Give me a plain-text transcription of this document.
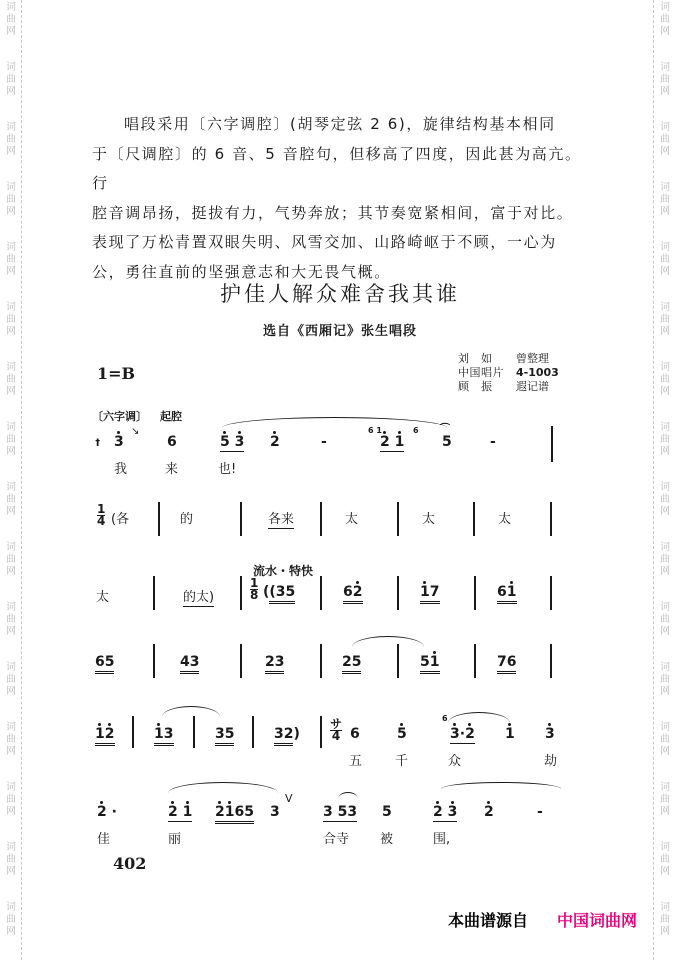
词
曲
网
词
曲
网
词
曲
网
词
曲
网
词
曲
网
词
曲
网
词
曲
网
词
曲
网
词
曲
网
词
曲
网
词
曲
网
词
曲
网
词
曲
网
词
曲
网
词
曲
网
词
曲
网
词
曲
网
词
曲
网
词
曲
网
词
曲
网
词
曲
网
词
曲
网
词
曲
网
词
曲
网
词
曲
网
词
曲
网
词
曲
网
词
曲
网
词
曲
网
词
曲
网
词
曲
网
词
曲
网

唱段采用〔六字调腔〕(胡琴定弦 2 6)，旋律结构基本相同

于〔尺调腔〕的 6 音、5 音腔句，但移高了四度，因此甚为高亢。行

腔音调昂扬，挺拔有力，气势奔放；其节奏宽紧相间，富于对比。

表现了万松青置双眼失明、风雪交加、山路崎岖于不顾，一心为

公，勇往直前的坚强意志和大无畏气概。

护佳人解众难舍我其谁
选自《西厢记》张生唱段
1=B
刘　如	曾整理
中国唱片	4-1003
顾　振	遐记谱
〔六字调〕 起腔
ꝉ 3
↘
6	5 3 2	-
6 1
2 1
6 ⌒
5	-
我	来	也!
$\frac{1}{4}$ (各	的	各来	太	太	太
流水・特快
太	的太)	$\frac{1}{8} ((35$	62	17	61
65	43	23	25	51	76
12	13	35	32)	$\frac{\text{サ}}{4} 6$	5
6
3·2 1 3
五	千	众	劫
2 ·	2 1 2165 3
V
3 53 5	2 3 2	-
佳	丽	合寺 被	围,
402
本曲谱源自 中国词曲网
